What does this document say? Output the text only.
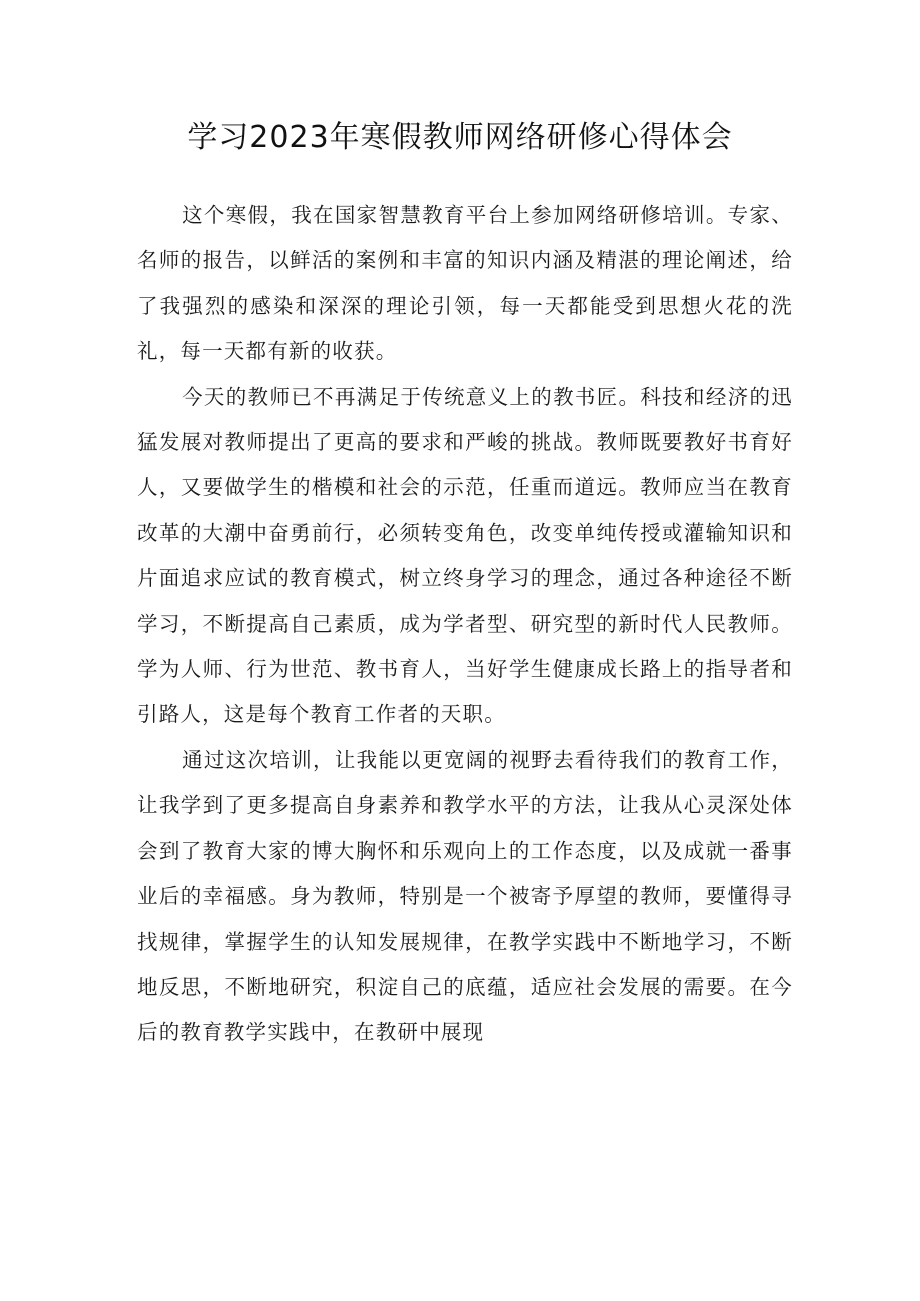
学习2023年寒假教师网络研修心得体会

这个寒假，我在国家智慧教育平台上参加网络研修培训。专家、名师的报告，以鲜活的案例和丰富的知识内涵及精湛的理论阐述，给了我强烈的感染和深深的理论引领，每一天都能受到思想火花的洗礼，每一天都有新的收获。

今天的教师已不再满足于传统意义上的教书匠。科技和经济的迅猛发展对教师提出了更高的要求和严峻的挑战。教师既要教好书育好人，又要做学生的楷模和社会的示范，任重而道远。教师应当在教育改革的大潮中奋勇前行，必须转变角色，改变单纯传授或灌输知识和片面追求应试的教育模式，树立终身学习的理念，通过各种途径不断学习，不断提高自己素质，成为学者型、研究型的新时代人民教师。学为人师、行为世范、教书育人，当好学生健康成长路上的指导者和引路人，这是每个教育工作者的天职。

通过这次培训，让我能以更宽阔的视野去看待我们的教育工作，让我学到了更多提高自身素养和教学水平的方法，让我从心灵深处体会到了教育大家的博大胸怀和乐观向上的工作态度，以及成就一番事业后的幸福感。身为教师，特别是一个被寄予厚望的教师，要懂得寻找规律，掌握学生的认知发展规律，在教学实践中不断地学习，不断地反思，不断地研究，积淀自己的底蕴，适应社会发展的需要。在今后的教育教学实践中，在教研中展现
